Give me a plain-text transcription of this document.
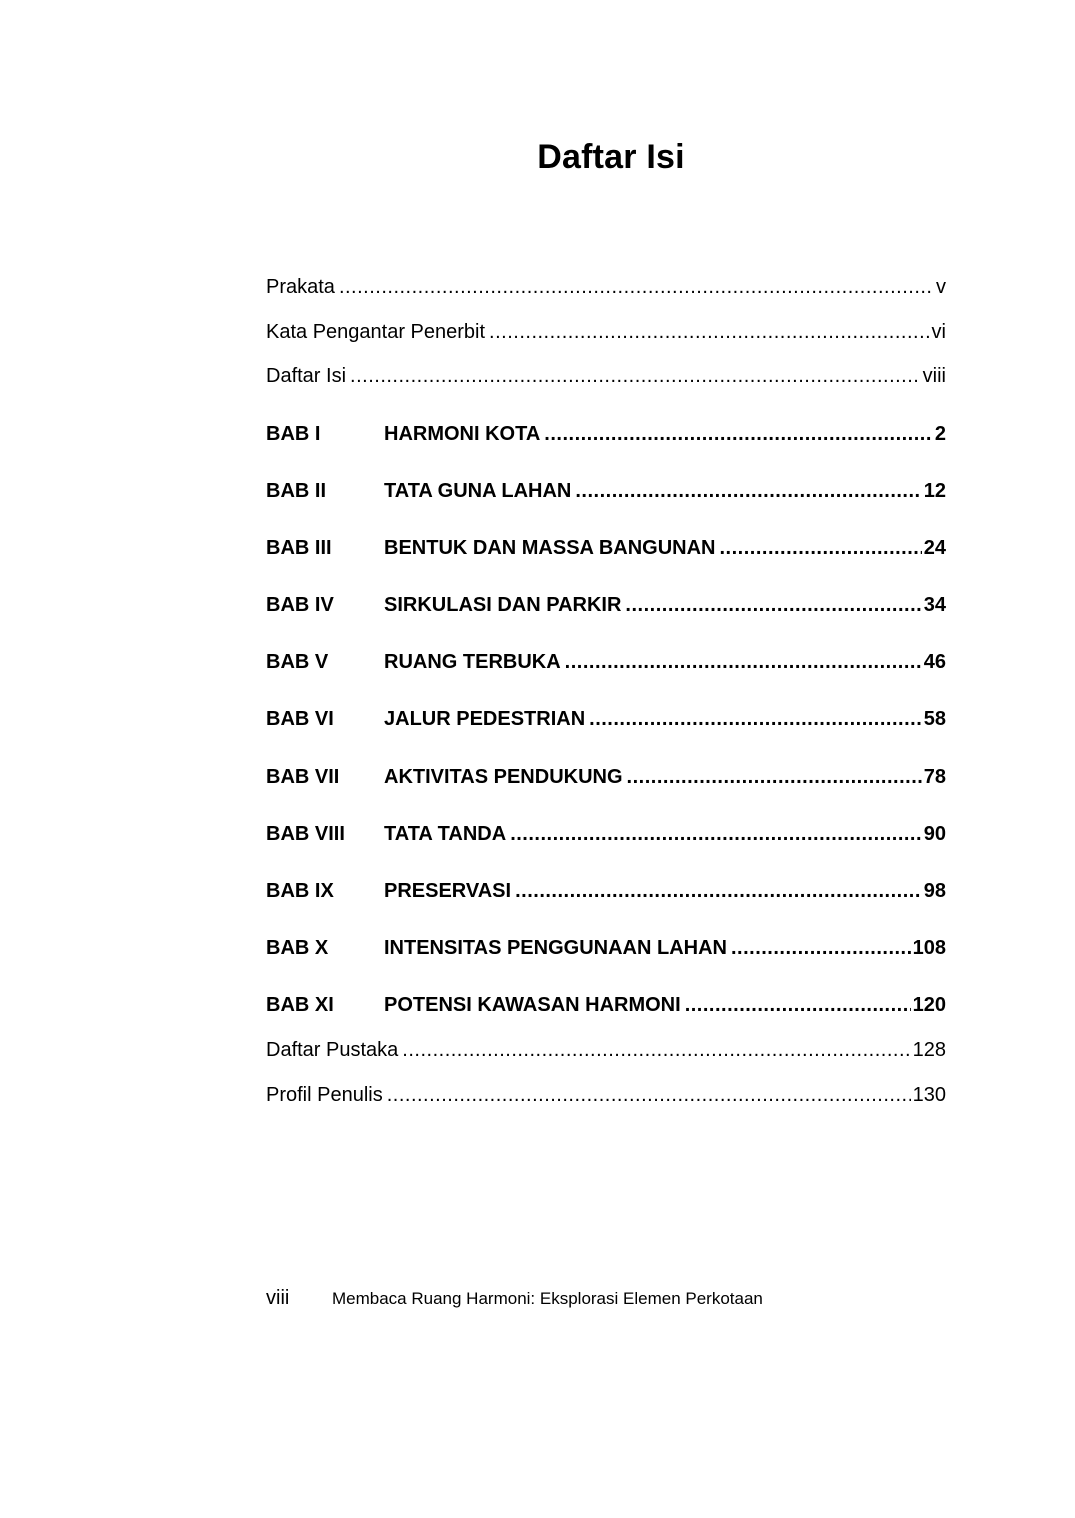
Daftar Isi
Prakata .....	v
Kata Pengantar Penerbit .....	vi
Daftar Isi .....	viii
BAB I	HARMONI KOTA .....	2
BAB II	TATA GUNA LAHAN .....	12
BAB III	BENTUK DAN MASSA BANGUNAN .....	24
BAB IV	SIRKULASI DAN PARKIR .....	34
BAB V	RUANG TERBUKA .....	46
BAB VI	JALUR PEDESTRIAN .....	58
BAB VII	AKTIVITAS PENDUKUNG .....	78
BAB VIII	TATA TANDA .....	90
BAB IX	PRESERVASI .....	98
BAB X	INTENSITAS PENGGUNAAN LAHAN .....	108
BAB XI	POTENSI KAWASAN HARMONI .....	120
Daftar Pustaka .....	128
Profil Penulis .....	130
viii	Membaca Ruang Harmoni: Eksplorasi Elemen Perkotaan
